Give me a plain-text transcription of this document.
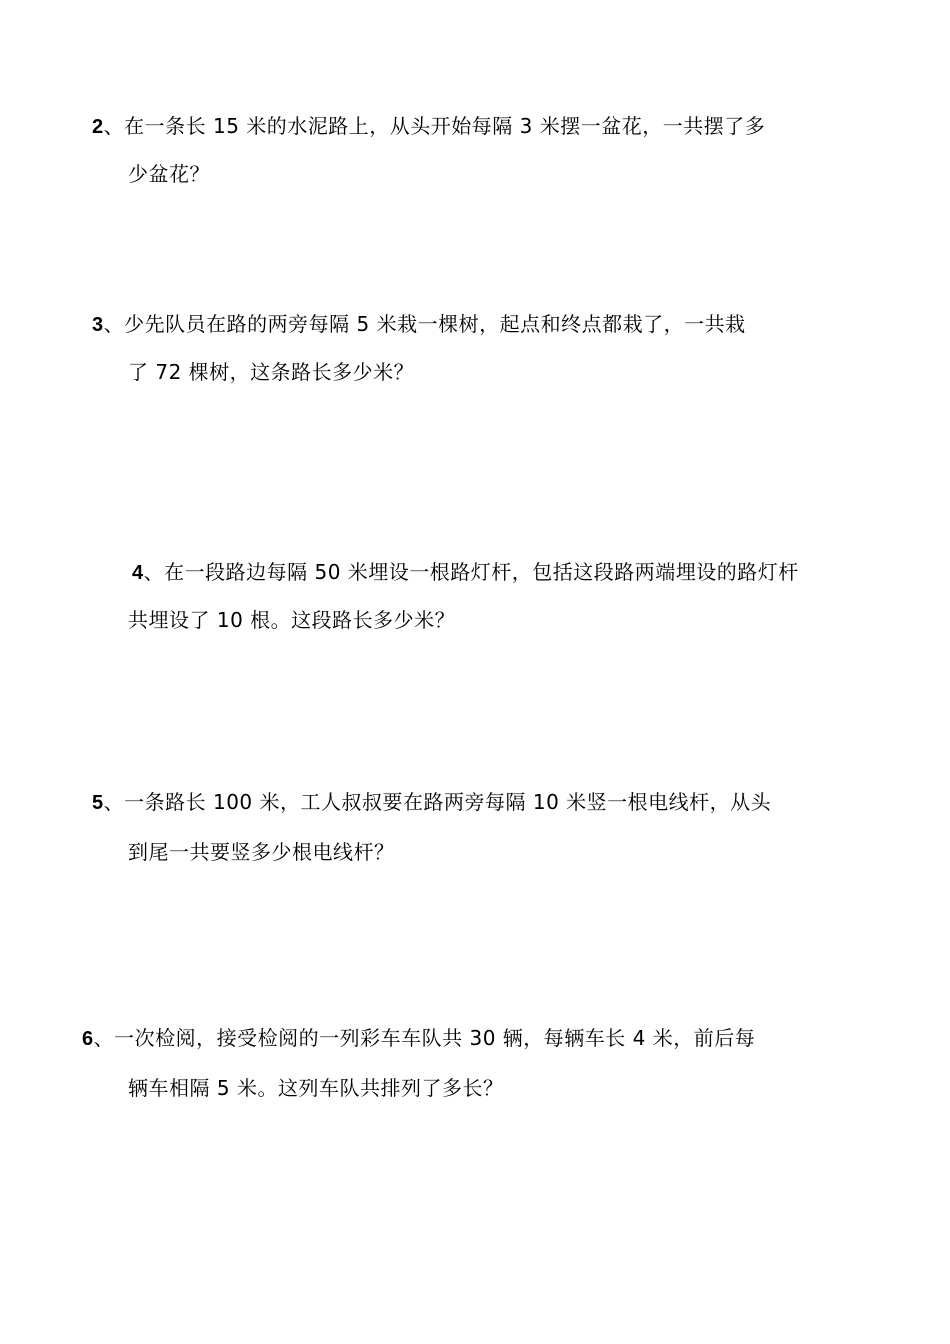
2、在一条长 15 米的水泥路上，从头开始每隔 3 米摆一盆花，一共摆了多
少盆花？
3、少先队员在路的两旁每隔 5 米栽一棵树，起点和终点都栽了，一共栽
了 72 棵树，这条路长多少米？
4、在一段路边每隔 50 米埋设一根路灯杆，包括这段路两端埋设的路灯杆
共埋设了 10 根。这段路长多少米？
5、一条路长 100 米，工人叔叔要在路两旁每隔 10 米竖一根电线杆，从头
到尾一共要竖多少根电线杆？
6、一次检阅，接受检阅的一列彩车车队共 30 辆，每辆车长 4 米，前后每
辆车相隔 5 米。这列车队共排列了多长？
